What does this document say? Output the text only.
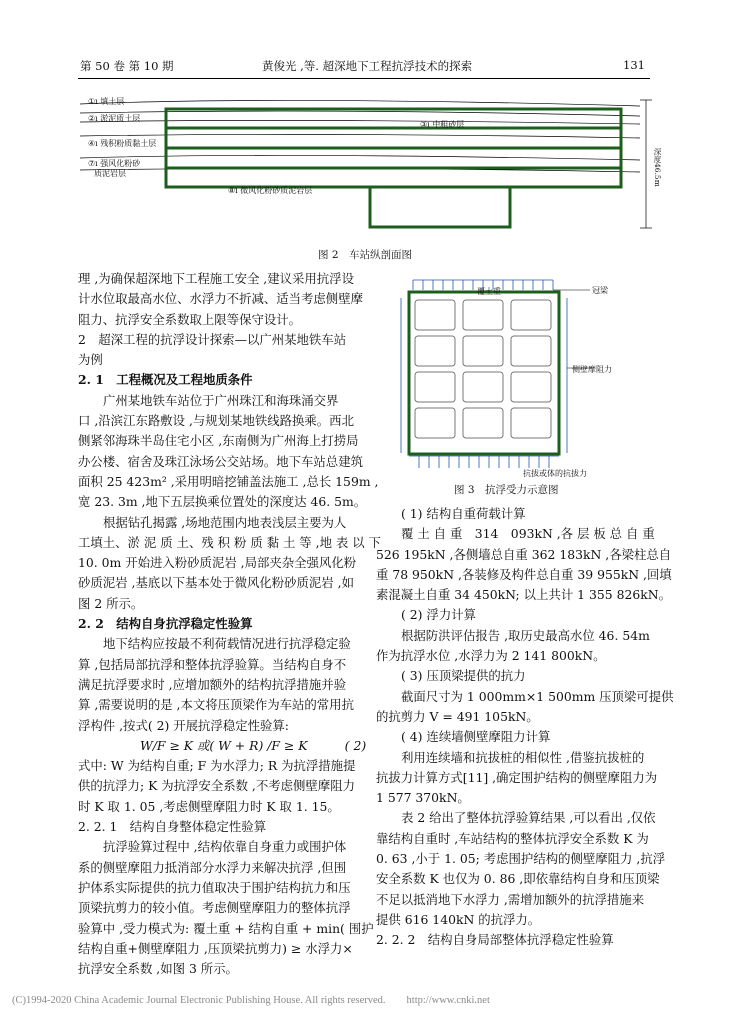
第 50 卷 第 10 期	黄俊光 ,等. 超深地下工程抗浮技术的探索	131
①ı 填土层
②ı 淤泥质土层
④ı 残积粉质黏土层
⑦ı 强风化粉砂
质泥岩层
③ı 中粗砂层
⑧ı 微风化粉砂质泥岩层
深度46.5m
图 2　车站纵剖面图
覆土重	冠梁
侧壁摩阻力
抗拔或体的抗拔力
图 3　抗浮受力示意图
理 ,为确保超深地下工程施工安全 ,建议采用抗浮设
计水位取最高水位、水浮力不折减、适当考虑侧壁摩
阻力、抗浮安全系数取上限等保守设计。
2　超深工程的抗浮设计探索—以广州某地铁车站
为例
2. 1　工程概况及工程地质条件
广州某地铁车站位于广州珠江和海珠涌交界
口 ,沿滨江东路敷设 ,与规划某地铁线路换乘。西北
侧紧邻海珠半岛住宅小区 ,东南侧为广州海上打捞局
办公楼、宿舍及珠江泳场公交站场。地下车站总建筑
面积 25 423m² ,采用明暗挖铺盖法施工 ,总长 159m ,
宽 23. 3m ,地下五层换乘位置处的深度达 46. 5m。
根据钻孔揭露 ,场地范围内地表浅层主要为人
工填土、淤 泥 质 土、残 积 粉 质 黏 土 等 ,地 表 以 下
10. 0m 开始进入粉砂质泥岩 ,局部夹杂全强风化粉
砂质泥岩 ,基底以下基本处于微风化粉砂质泥岩 ,如
图 2 所示。
2. 2　结构自身抗浮稳定性验算
地下结构应按最不利荷载情况进行抗浮稳定验
算 ,包括局部抗浮和整体抗浮验算。当结构自身不
满足抗浮要求时 ,应增加额外的结构抗浮措施并验
算 ,需要说明的是 ,本文将压顶梁作为车站的常用抗
浮构件 ,按式( 2) 开展抗浮稳定性验算:
W/F ≥ K 或( W + R) /F ≥ K　　　( 2)
式中: W 为结构自重; F 为水浮力; R 为抗浮措施提
供的抗浮力; K 为抗浮安全系数 ,不考虑侧壁摩阻力
时 K 取 1. 05 ,考虑侧壁摩阻力时 K 取 1. 15。
2. 2. 1　结构自身整体稳定性验算
抗浮验算过程中 ,结构依靠自身重力或围护体
系的侧壁摩阻力抵消部分水浮力来解决抗浮 ,但围
护体系实际提供的抗力值取决于围护结构抗力和压
顶梁抗剪力的较小值。考虑侧壁摩阻力的整体抗浮
验算中 ,受力模式为: 覆土重 + 结构自重 + min( 围护
结构自重+侧壁摩阻力 ,压顶梁抗剪力) ≥ 水浮力×
抗浮安全系数 ,如图 3 所示。
( 1) 结构自重荷载计算
覆 土 自 重　314　093kN ,各 层 板 总 自 重
526 195kN ,各侧墙总自重 362 183kN ,各梁柱总自
重 78 950kN ,各装修及构件总自重 39 955kN ,回填
素混凝土自重 34 450kN; 以上共计 1 355 826kN。
( 2) 浮力计算
根据防洪评估报告 ,取历史最高水位 46. 54m
作为抗浮水位 ,水浮力为 2 141 800kN。
( 3) 压顶梁提供的抗力
截面尺寸为 1 000mm×1 500mm 压顶梁可提供
的抗剪力 V = 491 105kN。
( 4) 连续墙侧壁摩阻力计算
利用连续墙和抗拔桩的相似性 ,借鉴抗拔桩的
抗拔力计算方式[11] ,确定围护结构的侧壁摩阻力为
1 577 370kN。
表 2 给出了整体抗浮验算结果 ,可以看出 ,仅依
靠结构自重时 ,车站结构的整体抗浮安全系数 K 为
0. 63 ,小于 1. 05; 考虑围护结构的侧壁摩阻力 ,抗浮
安全系数 K 也仅为 0. 86 ,即依靠结构自身和压顶梁
不足以抵消地下水浮力 ,需增加额外的抗浮措施来
提供 616 140kN 的抗浮力。
2. 2. 2　结构自身局部整体抗浮稳定性验算
(C)1994-2020 China Academic Journal Electronic Publishing House. All rights reserved.　　http://www.cnki.net
